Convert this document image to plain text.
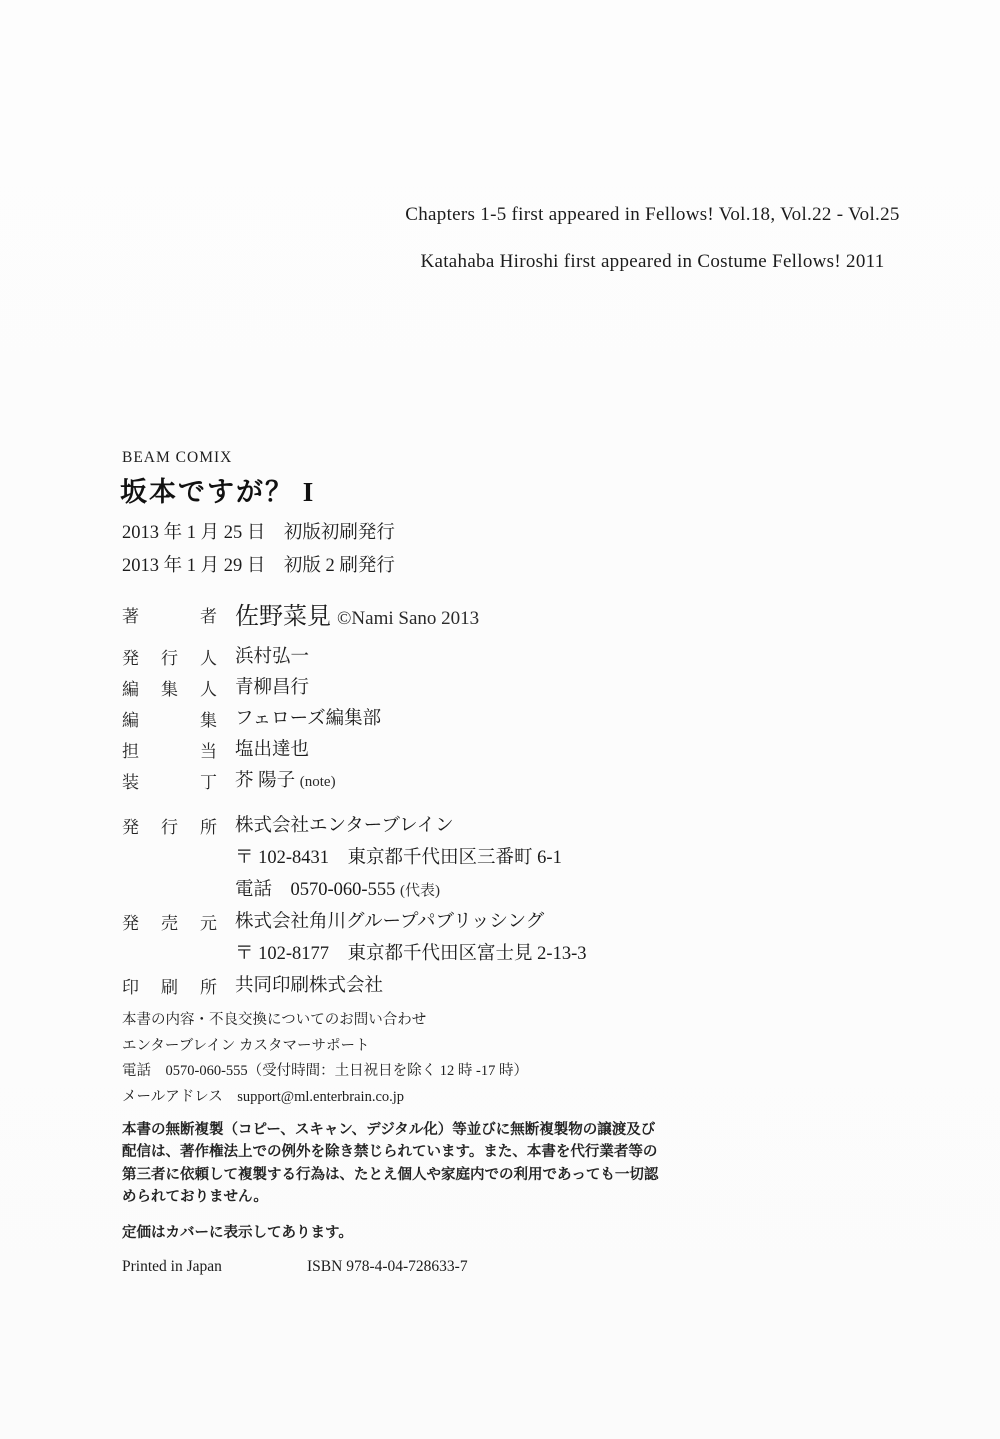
Chapters 1-5 first appeared in Fellows! Vol.18, Vol.22 - Vol.25
Katahaba Hiroshi first appeared in Costume Fellows! 2011
BEAM COMIX
坂本ですが？ I
2013 年 1 月 25 日　初版初刷発行
2013 年 1 月 29 日　初版 2 刷発行
著者 佐野菜見 ©Nami Sano 2013
発行人 浜村弘一
編集人 青柳昌行
編集 フェローズ編集部
担当 塩出達也
装丁 芥 陽子 (note)
発行所 株式会社エンターブレイン
〒 102-8431　東京都千代田区三番町 6-1
電話　0570-060-555 (代表)
発売元 株式会社角川グループパブリッシング
〒 102-8177　東京都千代田区富士見 2-13-3
印刷所 共同印刷株式会社
本書の内容・不良交換についてのお問い合わせ
エンターブレイン カスタマーサポート
電話　0570-060-555（受付時間：土日祝日を除く 12 時 -17 時）
メールアドレス　support@ml.enterbrain.co.jp
本書の無断複製（コピー、スキャン、デジタル化）等並びに無断複製物の譲渡及び
配信は、著作権法上での例外を除き禁じられています。また、本書を代行業者等の
第三者に依頼して複製する行為は、たとえ個人や家庭内での利用であっても一切認
められておりません。
定価はカバーに表示してあります。
Printed in Japan	ISBN 978-4-04-728633-7
